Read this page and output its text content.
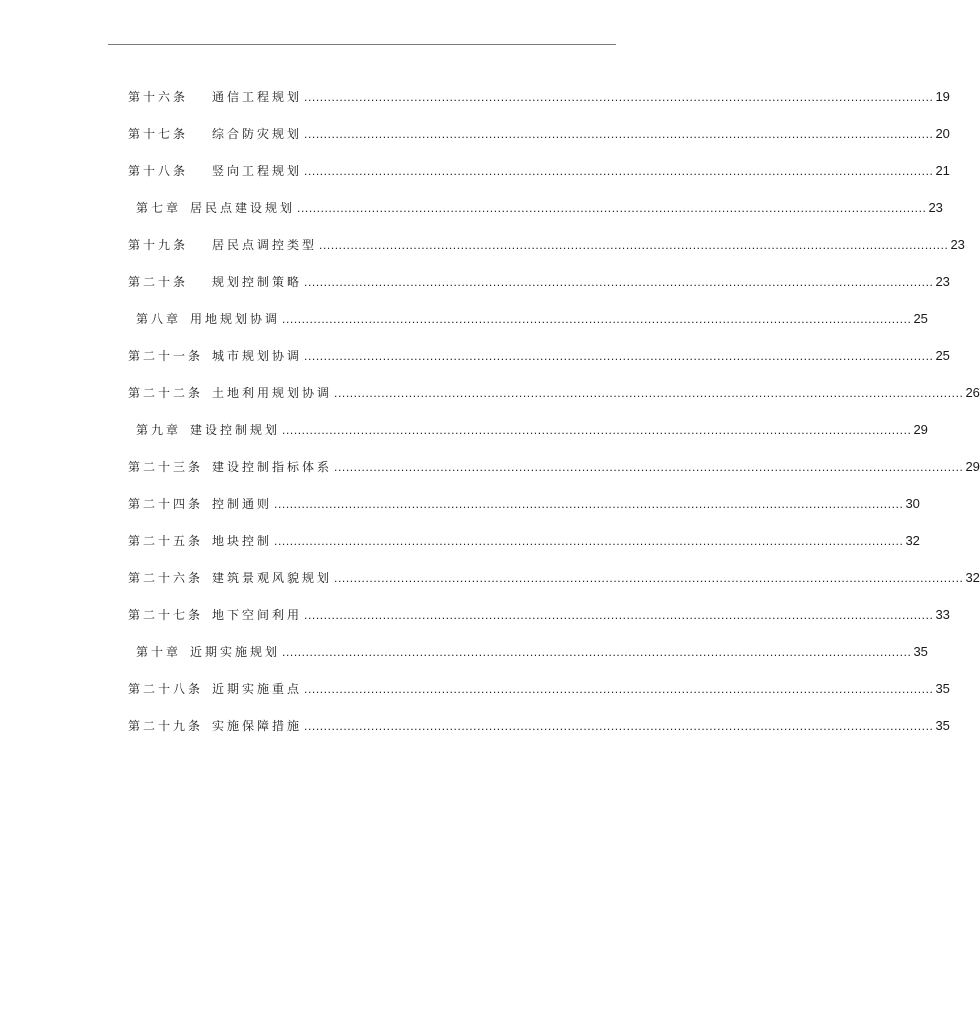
第十六条	通信工程规划 ................................................................................................................................................................ 19
第十七条	综合防灾规划 ................................................................................................................................................................ 20
第十八条	竖向工程规划 ................................................................................................................................................................ 21
第七章 居民点建设规划 ................................................................................................................................................................ 23
第十九条	居民点调控类型 ................................................................................................................................................................ 23
第二十条	规划控制策略 ................................................................................................................................................................ 23
第八章 用地规划协调 ................................................................................................................................................................ 25
第二十一条 城市规划协调 ................................................................................................................................................................ 25
第二十二条 土地利用规划协调 ................................................................................................................................................................ 26
第九章 建设控制规划 ................................................................................................................................................................ 29
第二十三条 建设控制指标体系 ................................................................................................................................................................ 29
第二十四条 控制通则 ................................................................................................................................................................ 30
第二十五条 地块控制 ................................................................................................................................................................ 32
第二十六条 建筑景观风貌规划 ................................................................................................................................................................ 32
第二十七条 地下空间利用 ................................................................................................................................................................ 33
第十章 近期实施规划 ................................................................................................................................................................ 35
第二十八条 近期实施重点 ................................................................................................................................................................ 35
第二十九条 实施保障措施 ................................................................................................................................................................ 35
